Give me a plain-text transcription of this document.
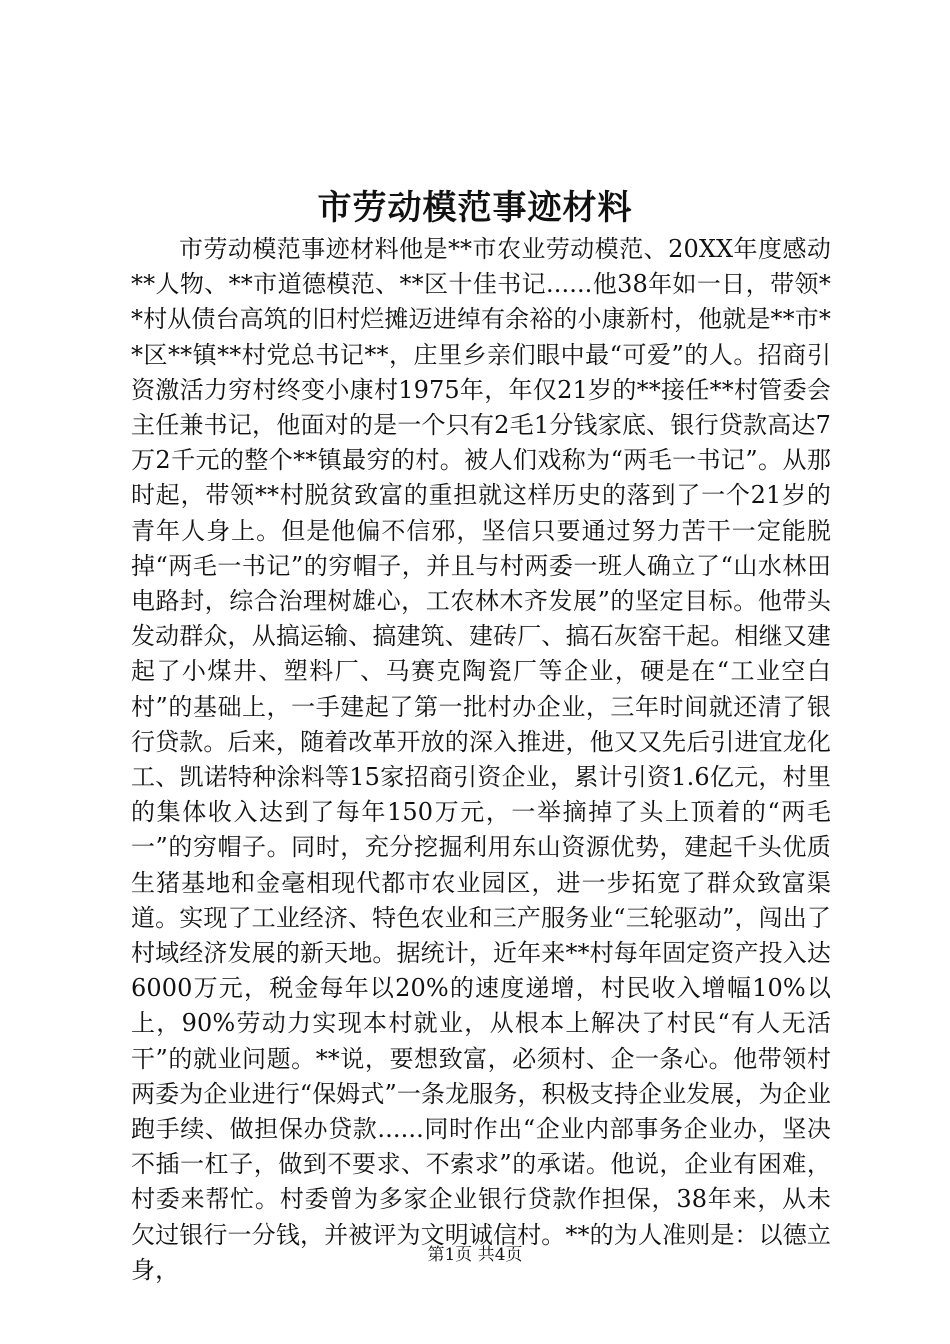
市劳动模范事迹材料

市劳动模范事迹材料他是**市农业劳动模范、20XX年度感动**人物、**市道德模范、**区十佳书记......他38年如一日，带领**村从债台高筑的旧村烂摊迈进绰有余裕的小康新村，他就是**市**区**镇**村党总书记**，庄里乡亲们眼中最“可爱”的人。招商引资激活力穷村终变小康村1975年，年仅21岁的**接任**村管委会主任兼书记，他面对的是一个只有2毛1分钱家底、银行贷款高达7万2千元的整个**镇最穷的村。被人们戏称为“两毛一书记”。从那时起，带领**村脱贫致富的重担就这样历史的落到了一个21岁的青年人身上。但是他偏不信邪，坚信只要通过努力苦干一定能脱掉“两毛一书记”的穷帽子，并且与村两委一班人确立了“山水林田电路封，综合治理树雄心，工农林木齐发展”的坚定目标。他带头发动群众，从搞运输、搞建筑、建砖厂、搞石灰窑干起。相继又建起了小煤井、塑料厂、马赛克陶瓷厂等企业，硬是在“工业空白村”的基础上，一手建起了第一批村办企业，三年时间就还清了银行贷款。后来，随着改革开放的深入推进，他又又先后引进宜龙化工、凯诺特种涂料等15家招商引资企业，累计引资1.6亿元，村里的集体收入达到了每年150万元，一举摘掉了头上顶着的“两毛一”的穷帽子。同时，充分挖掘利用东山资源优势，建起千头优质生猪基地和金毫相现代都市农业园区，进一步拓宽了群众致富渠道。实现了工业经济、特色农业和三产服务业“三轮驱动”，闯出了村域经济发展的新天地。据统计，近年来**村每年固定资产投入达6000万元，税金每年以20%的速度递增，村民收入增幅10%以上，90%劳动力实现本村就业，从根本上解决了村民“有人无活干”的就业问题。**说，要想致富，必须村、企一条心。他带领村两委为企业进行“保姆式”一条龙服务，积极支持企业发展，为企业跑手续、做担保办贷款......同时作出“企业内部事务企业办，坚决不插一杠子，做到不要求、不索求”的承诺。他说，企业有困难，村委来帮忙。村委曾为多家企业银行贷款作担保，38年来，从未欠过银行一分钱，并被评为文明诚信村。**的为人准则是：以德立身，

第1页 共4页
